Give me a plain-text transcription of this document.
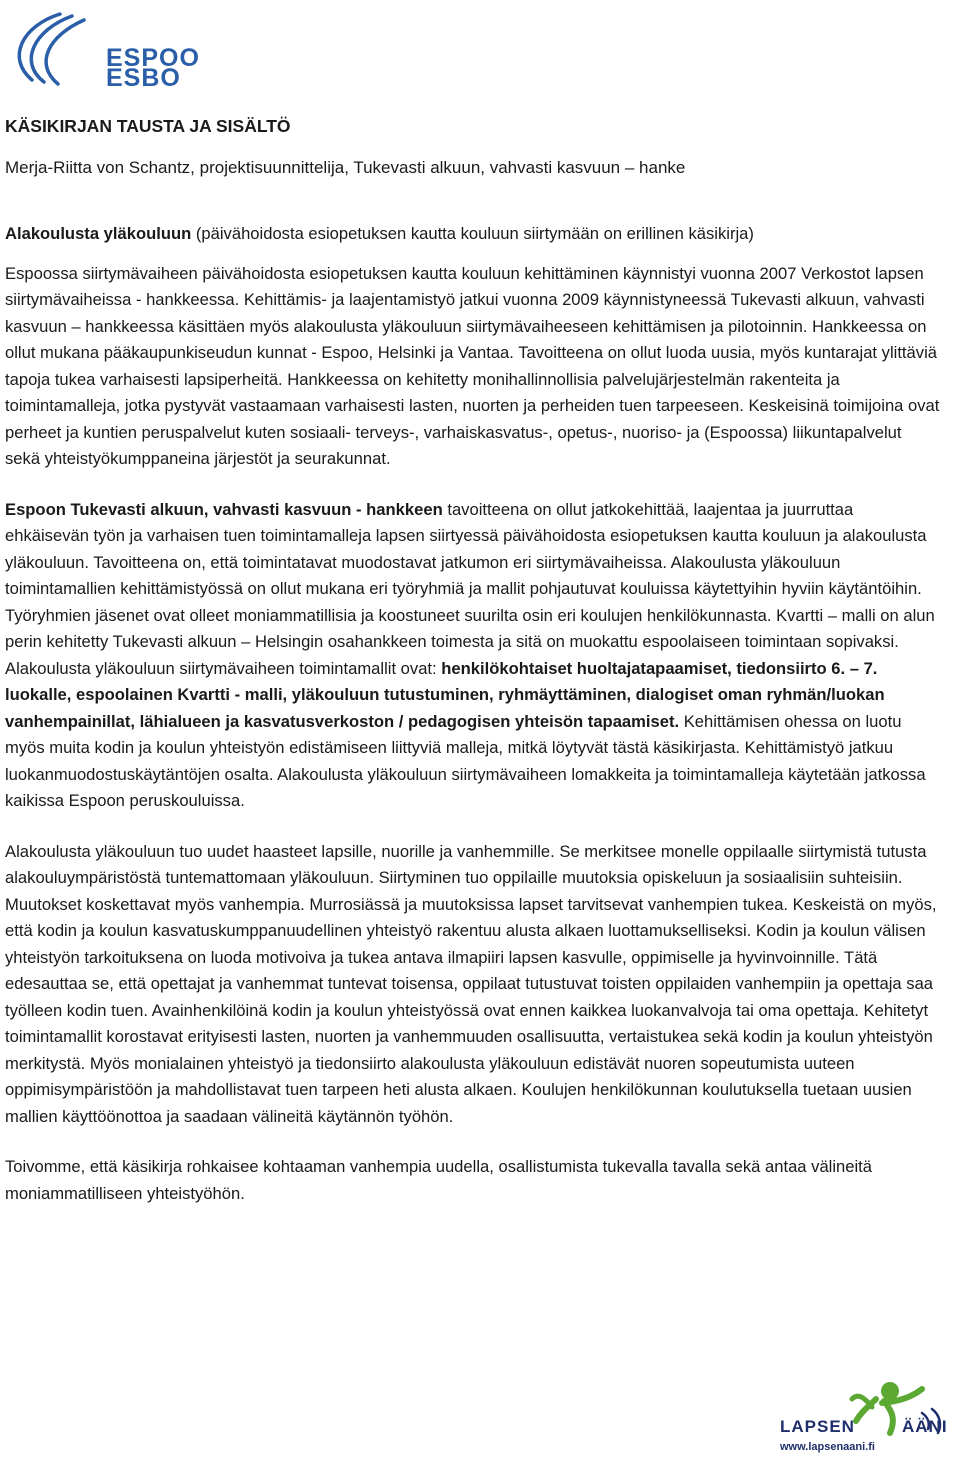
ESPOO
ESBO
KÄSIKIRJAN TAUSTA JA SISÄLTÖ

Merja-Riitta von Schantz, projektisuunnittelija, Tukevasti alkuun, vahvasti kasvuun – hanke

Alakoulusta yläkouluun (päivähoidosta esiopetuksen kautta kouluun siirtymään on erillinen käsikirja)

Espoossa siirtymävaiheen päivähoidosta esiopetuksen kautta kouluun kehittäminen käynnistyi vuonna 2007 Verkostot lapsen siirtymävaiheissa - hankkeessa. Kehittämis- ja laajentamistyö jatkui vuonna 2009 käynnistyneessä Tukevasti alkuun, vahvasti kasvuun – hankkeessa käsittäen myös alakoulusta yläkouluun siirtymävaiheeseen kehittämisen ja pilotoinnin. Hankkeessa on ollut mukana pääkaupunkiseudun kunnat - Espoo, Helsinki ja Vantaa. Tavoitteena on ollut luoda uusia, myös kuntarajat ylittäviä tapoja tukea varhaisesti lapsiperheitä. Hankkeessa on kehitetty monihallinnollisia palvelujärjestelmän rakenteita ja toimintamalleja, jotka pystyvät vastaamaan varhaisesti lasten, nuorten ja perheiden tuen tarpeeseen. Keskeisinä toimijoina ovat perheet ja kuntien peruspalvelut kuten sosiaali- terveys-, varhaiskasvatus-, opetus-, nuoriso- ja (Espoossa) liikuntapalvelut sekä yhteistyökumppaneina järjestöt ja seurakunnat.

Espoon Tukevasti alkuun, vahvasti kasvuun - hankkeen tavoitteena on ollut jatkokehittää, laajentaa ja juurruttaa ehkäisevän työn ja varhaisen tuen toimintamalleja lapsen siirtyessä päivähoidosta esiopetuksen kautta kouluun ja alakoulusta yläkouluun. Tavoitteena on, että toimintatavat muodostavat jatkumon eri siirtymävaiheissa. Alakoulusta yläkouluun toimintamallien kehittämistyössä on ollut mukana eri työryhmiä ja mallit pohjautuvat kouluissa käytettyihin hyviin käytäntöihin. Työryhmien jäsenet ovat olleet moniammatillisia ja koostuneet suurilta osin eri koulujen henkilökunnasta. Kvartti – malli on alun perin kehitetty Tukevasti alkuun – Helsingin osahankkeen toimesta ja sitä on muokattu espoolaiseen toimintaan sopivaksi. Alakoulusta yläkouluun siirtymävaiheen toimintamallit ovat: henkilökohtaiset huoltajatapaamiset, tiedonsiirto 6. – 7. luokalle, espoolainen Kvartti - malli, yläkouluun tutustuminen, ryhmäyttäminen, dialogiset oman ryhmän/luokan vanhempainillat, lähialueen ja kasvatusverkoston / pedagogisen yhteisön tapaamiset. Kehittämisen ohessa on luotu myös muita kodin ja koulun yhteistyön edistämiseen liittyviä malleja, mitkä löytyvät tästä käsikirjasta. Kehittämistyö jatkuu luokanmuodostuskäytäntöjen osalta. Alakoulusta yläkouluun siirtymävaiheen lomakkeita ja toimintamalleja käytetään jatkossa kaikissa Espoon peruskouluissa.

Alakoulusta yläkouluun tuo uudet haasteet lapsille, nuorille ja vanhemmille. Se merkitsee monelle oppilaalle siirtymistä tutusta alakouluympäristöstä tuntemattomaan yläkouluun. Siirtyminen tuo oppilaille muutoksia opiskeluun ja sosiaalisiin suhteisiin. Muutokset koskettavat myös vanhempia. Murrosiässä ja muutoksissa lapset tarvitsevat vanhempien tukea. Keskeistä on myös, että kodin ja koulun kasvatuskumppanuudellinen yhteistyö rakentuu alusta alkaen luottamukselliseksi. Kodin ja koulun välisen yhteistyön tarkoituksena on luoda motivoiva ja tukea antava ilmapiiri lapsen kasvulle, oppimiselle ja hyvinvoinnille. Tätä edesauttaa se, että opettajat ja vanhemmat tuntevat toisensa, oppilaat tutustuvat toisten oppilaiden vanhempiin ja opettaja saa työlleen kodin tuen. Avainhenkilöinä kodin ja koulun yhteistyössä ovat ennen kaikkea luokanvalvoja tai oma opettaja. Kehitetyt toimintamallit korostavat erityisesti lasten, nuorten ja vanhemmuuden osallisuutta, vertaistukea sekä kodin ja koulun yhteistyön merkitystä. Myös monialainen yhteistyö ja tiedonsiirto alakoulusta yläkouluun edistävät nuoren sopeutumista uuteen oppimisympäristöön ja mahdollistavat tuen tarpeen heti alusta alkaen. Koulujen henkilökunnan koulutuksella tuetaan uusien mallien käyttöönottoa ja saadaan välineitä käytännön työhön.

Toivomme, että käsikirja rohkaisee kohtaaman vanhempia uudella, osallistumista tukevalla tavalla sekä antaa välineitä moniammatilliseen yhteistyöhön.

LAPSEN	ÄÄNI
www.lapsenaani.fi
